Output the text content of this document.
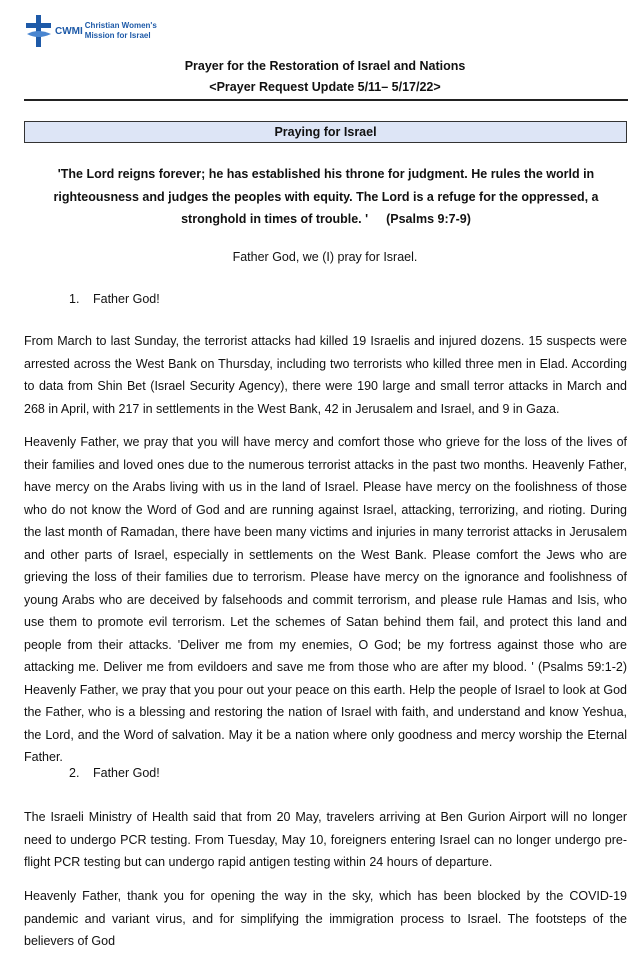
CWMI Christian Women's
Mission for Israel
Prayer for the Restoration of Israel and Nations
<Prayer Request Update 5/11– 5/17/22>
Praying for Israel
'The Lord reigns forever; he has established his throne for judgment. He rules the world in righteousness and judges the peoples with equity. The Lord is a refuge for the oppressed, a stronghold in times of trouble. ' (Psalms 9:7-9)
Father God, we (I) pray for Israel.
1. Father God!
From March to last Sunday, the terrorist attacks had killed 19 Israelis and injured dozens. 15 suspects were arrested across the West Bank on Thursday, including two terrorists who killed three men in Elad. According to data from Shin Bet (Israel Security Agency), there were 190 large and small terror attacks in March and 268 in April, with 217 in settlements in the West Bank, 42 in Jerusalem and Israel, and 9 in Gaza.
Heavenly Father, we pray that you will have mercy and comfort those who grieve for the loss of the lives of their families and loved ones due to the numerous terrorist attacks in the past two months. Heavenly Father, have mercy on the Arabs living with us in the land of Israel. Please have mercy on the foolishness of those who do not know the Word of God and are running against Israel, attacking, terrorizing, and rioting. During the last month of Ramadan, there have been many victims and injuries in many terrorist attacks in Jerusalem and other parts of Israel, especially in settlements on the West Bank. Please comfort the Jews who are grieving the loss of their families due to terrorism. Please have mercy on the ignorance and foolishness of young Arabs who are deceived by falsehoods and commit terrorism, and please rule Hamas and Isis, who use them to promote evil terrorism. Let the schemes of Satan behind them fail, and protect this land and people from their attacks. 'Deliver me from my enemies, O God; be my fortress against those who are attacking me. Deliver me from evildoers and save me from those who are after my blood. ' (Psalms 59:1-2) Heavenly Father, we pray that you pour out your peace on this earth. Help the people of Israel to look at God the Father, who is a blessing and restoring the nation of Israel with faith, and understand and know Yeshua, the Lord, and the Word of salvation. May it be a nation where only goodness and mercy worship the Eternal Father.
2. Father God!
The Israeli Ministry of Health said that from 20 May, travelers arriving at Ben Gurion Airport will no longer need to undergo PCR testing. From Tuesday, May 10, foreigners entering Israel can no longer undergo pre-flight PCR testing but can undergo rapid antigen testing within 24 hours of departure.
Heavenly Father, thank you for opening the way in the sky, which has been blocked by the COVID-19 pandemic and variant virus, and for simplifying the immigration process to Israel. The footsteps of the believers of God
